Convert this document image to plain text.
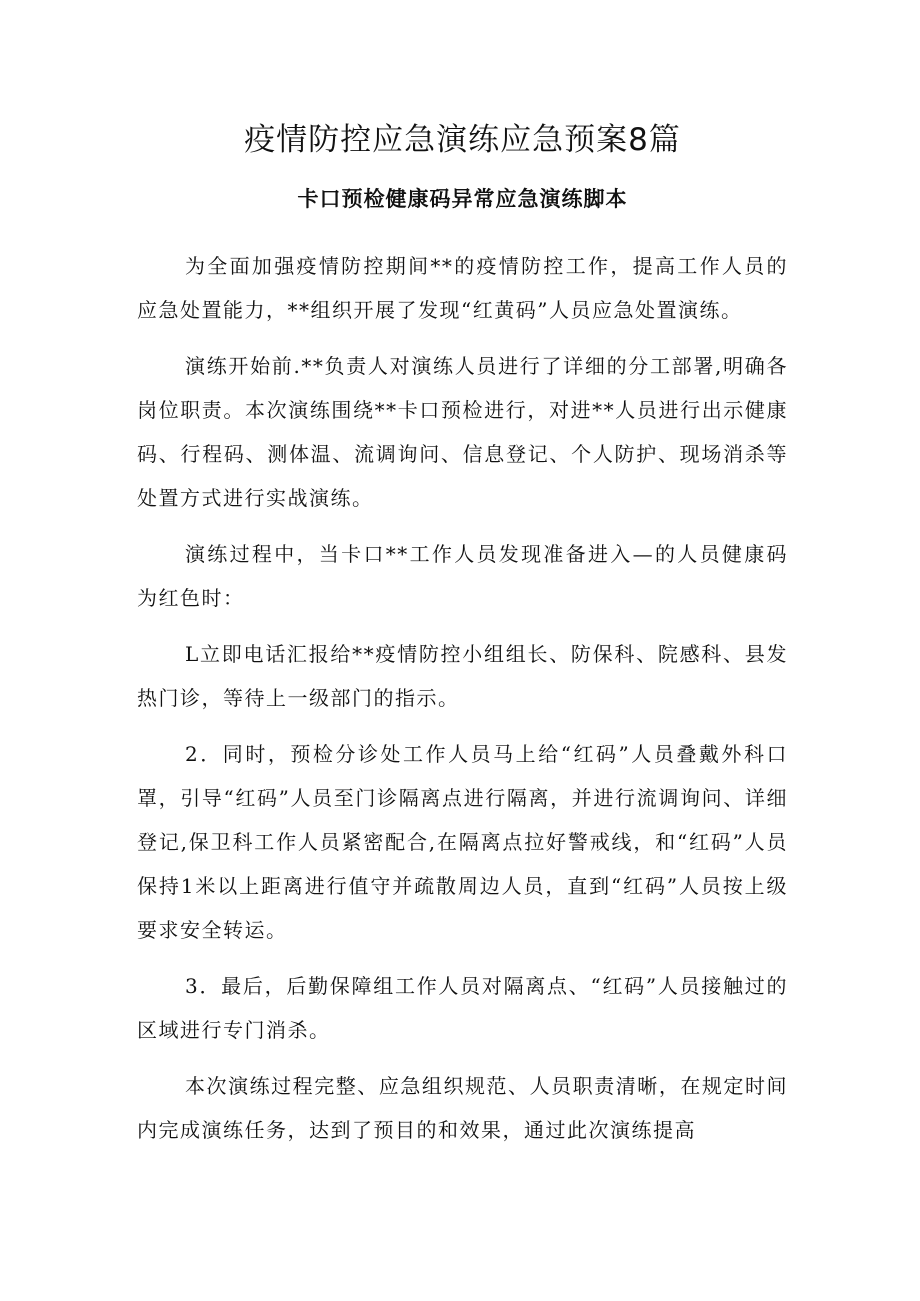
疫情防控应急演练应急预案8篇
卡口预检健康码异常应急演练脚本

为全面加强疫情防控期间**的疫情防控工作，提高工作人员的应急处置能力，**组织开展了发现“红黄码”人员应急处置演练。

演练开始前.**负责人对演练人员进行了详细的分工部署,明确各岗位职责。本次演练围绕**卡口预检进行，对进**人员进行出示健康码、行程码、测体温、流调询问、信息登记、个人防护、现场消杀等处置方式进行实战演练。

演练过程中，当卡口**工作人员发现准备进入—的人员健康码为红色时：

L立即电话汇报给**疫情防控小组组长、防保科、院感科、县发热门诊，等待上一级部门的指示。

2．同时，预检分诊处工作人员马上给“红码”人员叠戴外科口罩，引导“红码”人员至门诊隔离点进行隔离，并进行流调询问、详细登记,保卫科工作人员紧密配合,在隔离点拉好警戒线，和“红码”人员保持1米以上距离进行值守并疏散周边人员，直到“红码”人员按上级要求安全转运。

3．最后，后勤保障组工作人员对隔离点、“红码”人员接触过的区域进行专门消杀。

本次演练过程完整、应急组织规范、人员职责清晰，在规定时间内完成演练任务，达到了预目的和效果，通过此次演练提高
